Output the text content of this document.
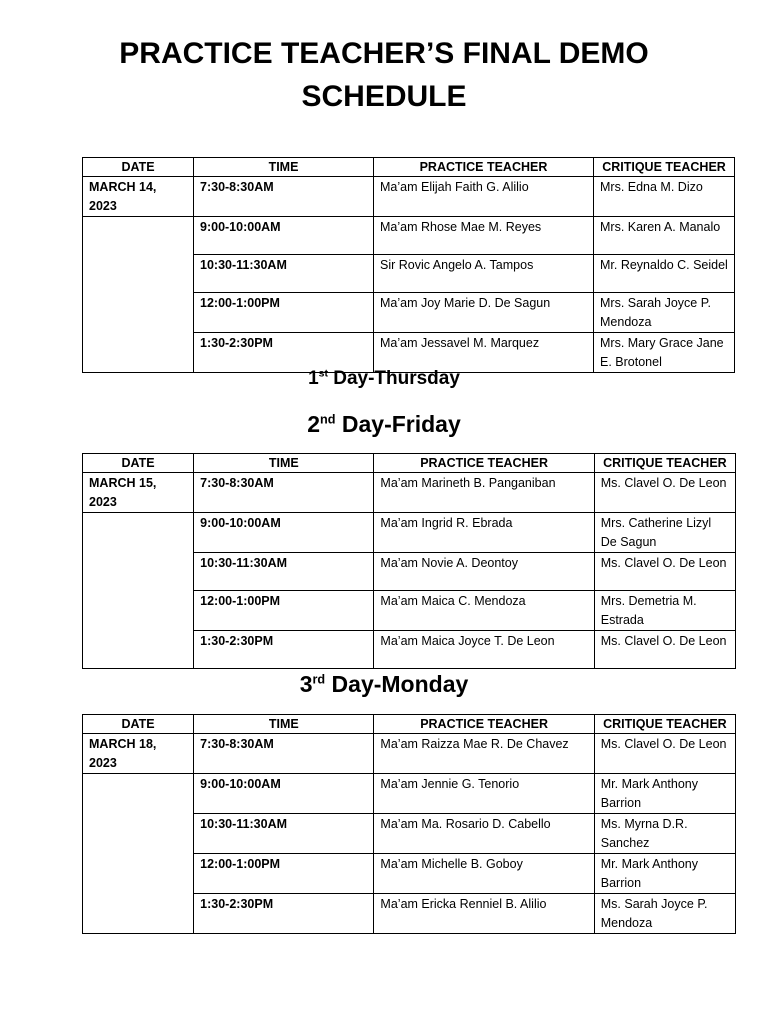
PRACTICE TEACHER’S FINAL DEMO
SCHEDULE
DATE	TIME	PRACTICE TEACHER	CRITIQUE TEACHER
MARCH 14, 2023	7:30-8:30AM	Ma’am Elijah Faith G. Alilio	Mrs. Edna M. Dizo
	9:00-10:00AM	Ma’am Rhose Mae M. Reyes	Mrs. Karen A. Manalo
	10:30-11:30AM	Sir Rovic Angelo A. Tampos	Mr. Reynaldo C. Seidel
	12:00-1:00PM	Ma’am Joy Marie D. De Sagun	Mrs. Sarah Joyce P. Mendoza
	1:30-2:30PM	Ma’am Jessavel M. Marquez	Mrs. Mary Grace Jane E. Brotonel
1st Day-Thursday
2nd Day-Friday
DATE	TIME	PRACTICE TEACHER	CRITIQUE TEACHER
MARCH 15, 2023	7:30-8:30AM	Ma’am Marineth B. Panganiban	Ms. Clavel O. De Leon
	9:00-10:00AM	Ma’am Ingrid R. Ebrada	Mrs. Catherine Lizyl De Sagun
	10:30-11:30AM	Ma’am Novie A. Deontoy	Ms. Clavel O. De Leon
	12:00-1:00PM	Ma’am Maica C. Mendoza	Mrs. Demetria M. Estrada
	1:30-2:30PM	Ma’am Maica Joyce T. De Leon	Ms. Clavel O. De Leon
3rd Day-Monday
DATE	TIME	PRACTICE TEACHER	CRITIQUE TEACHER
MARCH 18, 2023	7:30-8:30AM	Ma’am Raizza Mae R. De Chavez	Ms. Clavel O. De Leon
	9:00-10:00AM	Ma’am Jennie G. Tenorio	Mr. Mark Anthony Barrion
	10:30-11:30AM	Ma’am Ma. Rosario D. Cabello	Ms. Myrna D.R. Sanchez
	12:00-1:00PM	Ma’am Michelle B. Goboy	Mr. Mark Anthony Barrion
	1:30-2:30PM	Ma’am Ericka Renniel B. Alilio	Ms. Sarah Joyce P. Mendoza
